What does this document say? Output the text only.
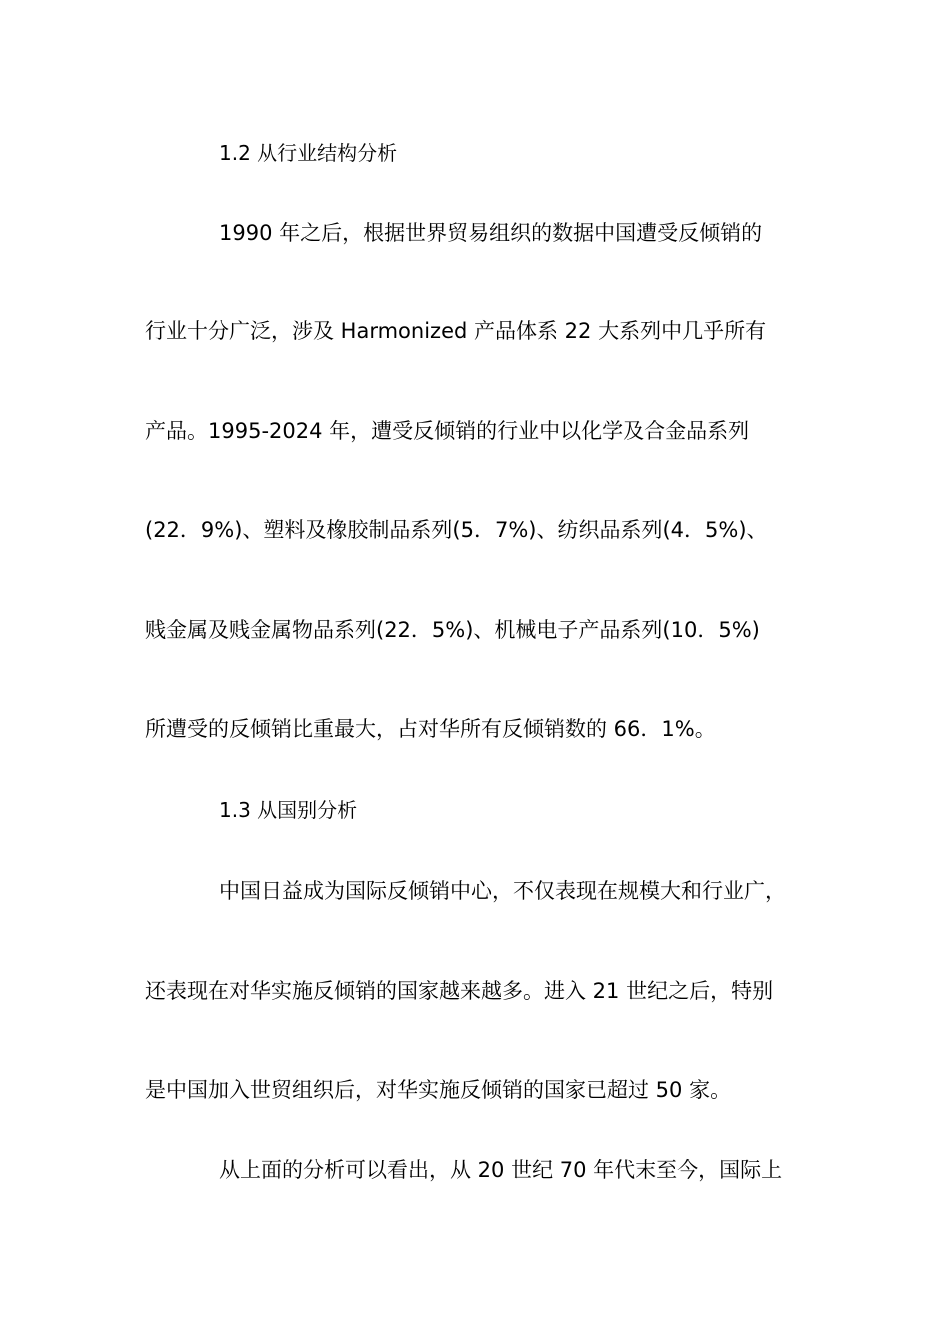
1.2 从行业结构分析
1990 年之后，根据世界贸易组织的数据中国遭受反倾销的
行业十分广泛，涉及 Harmonized 产品体系 22 大系列中几乎所有
产品。1995-2024 年，遭受反倾销的行业中以化学及合金品系列
(22．9%)、塑料及橡胶制品系列(5．7%)、纺织品系列(4．5%)、
贱金属及贱金属物品系列(22．5%)、机械电子产品系列(10．5%)
所遭受的反倾销比重最大，占对华所有反倾销数的 66．1%。
1.3 从国别分析
中国日益成为国际反倾销中心，不仅表现在规模大和行业广，
还表现在对华实施反倾销的国家越来越多。进入 21 世纪之后，特别
是中国加入世贸组织后，对华实施反倾销的国家已超过 50 家。
从上面的分析可以看出，从 20 世纪 70 年代末至今，国际上
